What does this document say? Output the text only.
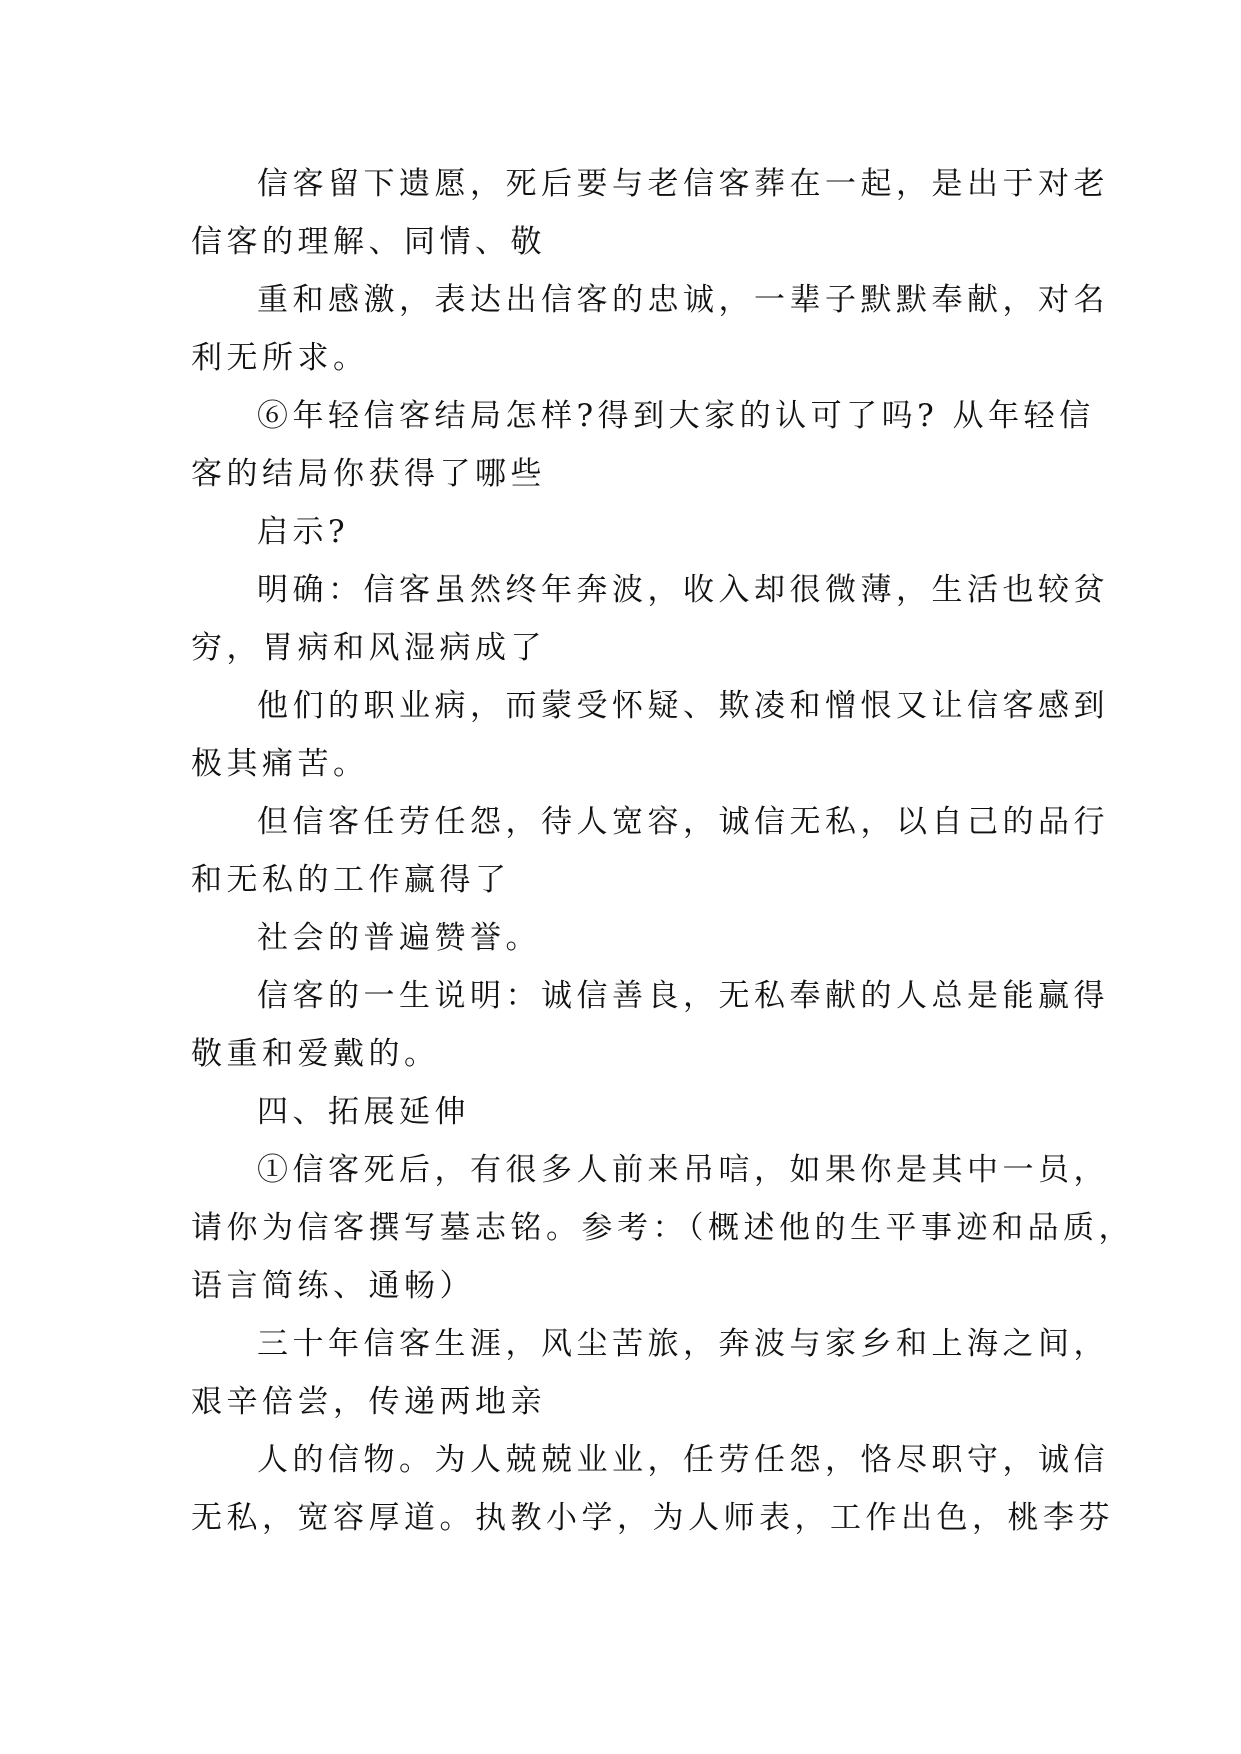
信客留下遗愿，死后要与老信客葬在一起，是出于对老
信客的理解、同情、敬
重和感激，表达出信客的忠诚，一辈子默默奉献，对名
利无所求。
⑥年轻信客结局怎样?得到大家的认可了吗? 从年轻信
客的结局你获得了哪些
启示?
明确：信客虽然终年奔波，收入却很微薄，生活也较贫
穷，胃病和风湿病成了
他们的职业病，而蒙受怀疑、欺凌和憎恨又让信客感到
极其痛苦。
但信客任劳任怨，待人宽容，诚信无私，以自己的品行
和无私的工作赢得了
社会的普遍赞誉。
信客的一生说明：诚信善良，无私奉献的人总是能赢得
敬重和爱戴的。
四、拓展延伸
①信客死后，有很多人前来吊唁，如果你是其中一员，
请你为信客撰写墓志铭。参考：（概述他的生平事迹和品质，
语言简练、通畅）
三十年信客生涯，风尘苦旅，奔波与家乡和上海之间，
艰辛倍尝，传递两地亲
人的信物。为人兢兢业业，任劳任怨，恪尽职守，诚信
无私，宽容厚道。执教小学，为人师表，工作出色，桃李芬
